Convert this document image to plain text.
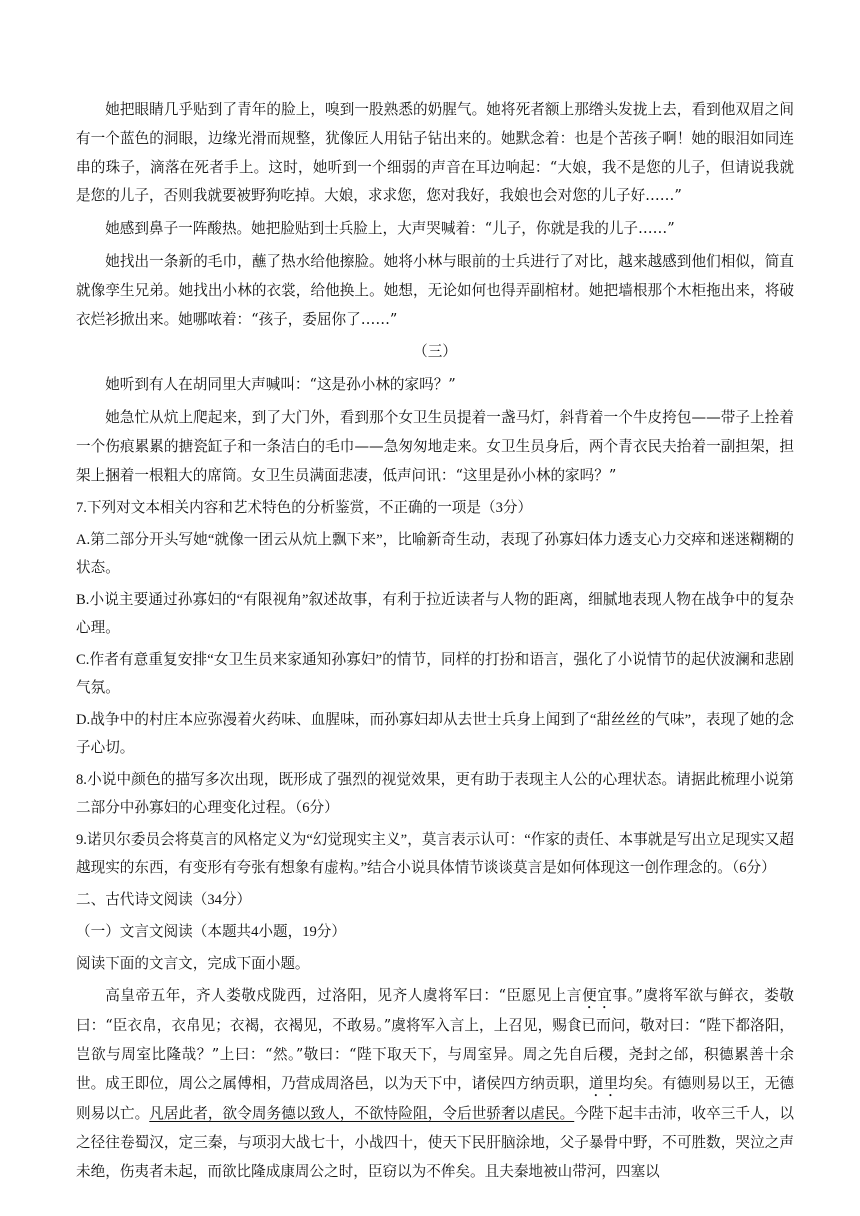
她把眼睛几乎贴到了青年的脸上，嗅到一股熟悉的奶腥气。她将死者额上那绺头发拢上去，看到他双眉之间有一个蓝色的洞眼，边缘光滑而规整，犹像匠人用钻子钻出来的。她默念着：也是个苦孩子啊！她的眼泪如同连串的珠子，滴落在死者手上。这时，她听到一个细弱的声音在耳边响起：“大娘，我不是您的儿子，但请说我就是您的儿子，否则我就要被野狗吃掉。大娘，求求您，您对我好，我娘也会对您的儿子好……”

她感到鼻子一阵酸热。她把脸贴到士兵脸上，大声哭喊着：“儿子，你就是我的儿子……”

她找出一条新的毛巾，蘸了热水给他擦脸。她将小林与眼前的士兵进行了对比，越来越感到他们相似，简直就像孪生兄弟。她找出小林的衣裳，给他换上。她想，无论如何也得弄副棺材。她把墙根那个木柜拖出来，将破衣烂衫掀出来。她哪哝着：“孩子，委屈你了……”

（三）

她听到有人在胡同里大声喊叫：“这是孙小林的家吗？”

她急忙从炕上爬起来，到了大门外，看到那个女卫生员提着一盏马灯，斜背着一个牛皮挎包——带子上拴着一个伤痕累累的搪瓷缸子和一条洁白的毛巾——急匆匆地走来。女卫生员身后，两个青衣民夫抬着一副担架，担架上捆着一根粗大的席筒。女卫生员满面悲凄，低声问讯：“这里是孙小林的家吗？”

7.下列对文本相关内容和艺术特色的分析鉴赏，不正确的一项是（3分）

A.第二部分开头写她“就像一团云从炕上飘下来”，比喻新奇生动，表现了孙寡妇体力透支心力交瘁和迷迷糊糊的状态。

B.小说主要通过孙寡妇的“有限视角”叙述故事，有利于拉近读者与人物的距离，细腻地表现人物在战争中的复杂心理。

C.作者有意重复安排“女卫生员来家通知孙寡妇”的情节，同样的打扮和语言，强化了小说情节的起伏波澜和悲剧气氛。

D.战争中的村庄本应弥漫着火药味、血腥味，而孙寡妇却从去世士兵身上闻到了“甜丝丝的气味”，表现了她的念子心切。

8.小说中颜色的描写多次出现，既形成了强烈的视觉效果，更有助于表现主人公的心理状态。请据此梳理小说第二部分中孙寡妇的心理变化过程。（6分）

9.诺贝尔委员会将莫言的风格定义为“幻觉现实主义”，莫言表示认可：“作家的责任、本事就是写出立足现实又超越现实的东西，有变形有夸张有想象有虚构。”结合小说具体情节谈谈莫言是如何体现这一创作理念的。（6分）

二、古代诗文阅读（34分）

（一）文言文阅读（本题共4小题，19分）

阅读下面的文言文，完成下面小题。

高皇帝五年，齐人娄敬戍陇西，过洛阳，见齐人虞将军曰：“臣愿见上言便宜事。”虞将军欲与鲜衣，娄敬曰：“臣衣帛，衣帛见；衣褐，衣褐见，不敢易。”虞将军入言上，上召见，赐食已而问，敬对曰：“陛下都洛阳，岂欲与周室比隆哉？”上曰：“然。”敬曰：“陛下取天下，与周室异。周之先自后稷，尧封之邰，积德累善十余世。成王即位，周公之属傅相，乃营成周洛邑，以为天下中，诸侯四方纳贡职，道里均矣。有德则易以王，无德则易以亡。凡居此者，欲令周务德以致人，不欲恃险阻，令后世骄奢以虐民。今陛下起丰击沛，收卒三千人，以之径往卷蜀汉，定三秦，与项羽大战七十，小战四十，使天下民肝脑涂地，父子暴骨中野，不可胜数，哭泣之声未绝，伤夷者未起，而欲比隆成康周公之时，臣窃以为不侔矣。且夫秦地被山带河，四塞以
